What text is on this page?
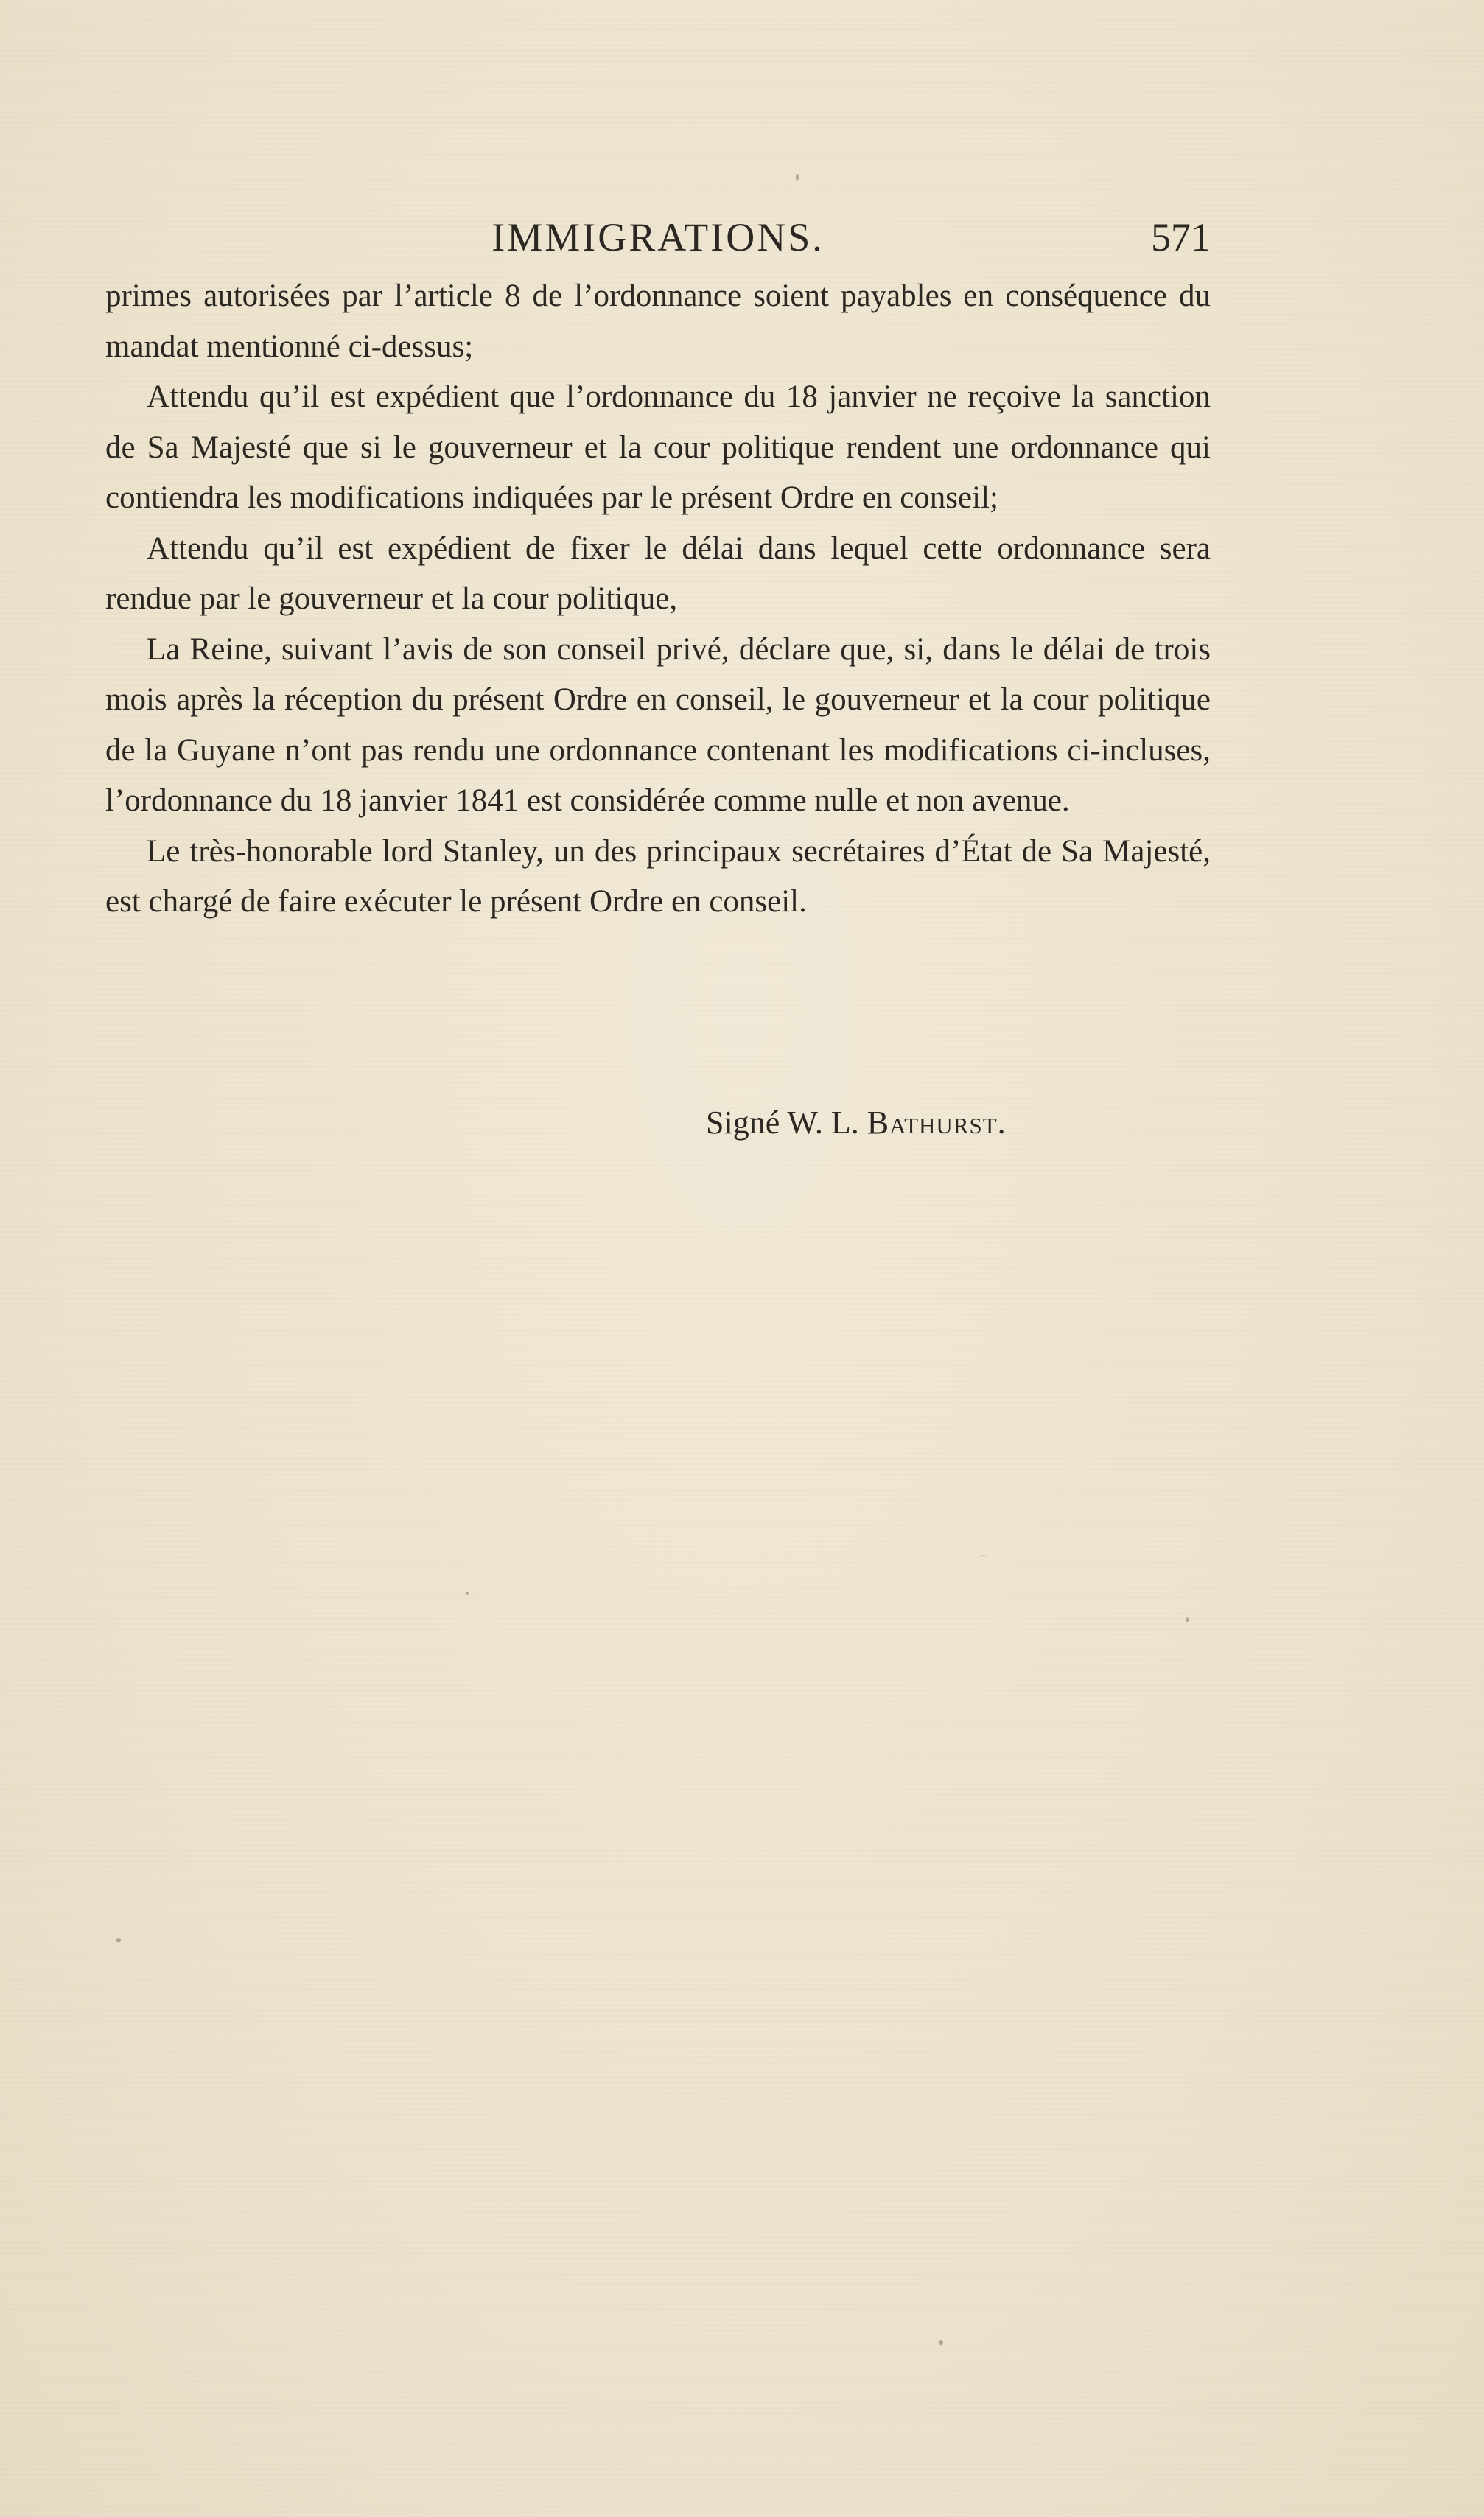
IMMIGRATIONS.	571

primes autorisées par l’article 8 de l’ordonnance soient payables en conséquence du mandat mentionné ci-dessus;

Attendu qu’il est expédient que l’ordonnance du 18 janvier ne reçoive la sanction de Sa Majesté que si le gouverneur et la cour politique rendent une ordonnance qui contiendra les modifications indiquées par le présent Ordre en conseil;

Attendu qu’il est expédient de fixer le délai dans lequel cette ordonnance sera rendue par le gouverneur et la cour politique,

La Reine, suivant l’avis de son conseil privé, déclare que, si, dans le délai de trois mois après la réception du présent Ordre en conseil, le gouverneur et la cour politique de la Guyane n’ont pas rendu une ordonnance contenant les modifications ci-incluses, l’ordonnance du 18 janvier 1841 est considérée comme nulle et non avenue.

Le très-honorable lord Stanley, un des principaux secrétaires d’État de Sa Majesté, est chargé de faire exécuter le présent Ordre en conseil.

Signé W. L. Bathurst.
